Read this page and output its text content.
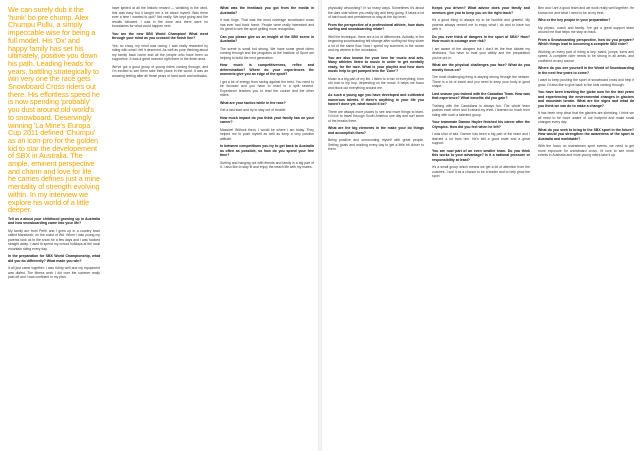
We can surely dub it the 'hunk' bo pre chump. Alex Chumpu Pullu, a simply impeccable wise for being a full model. His 'Ox' and happy family has set his ultimately, positive you down his path. Leading heads for years, battling strategically to win very one the race gets Snowboard Cross riders out there. His effortless speed he is now spending 'probably' you dust around old world's to snowboard. Deservingly winning 'La Mine's Europa Cup 2011 defined 'Chumpu' as an icon-pro for the golden kid to star the developement of SBX in Australia. The ample, eminent perspective and charm and love for life he carries defines just a mine mentality of strength evolving within. In my interview we explore his world of a little deeper.

Tell us a about your childhood growing up in Australia and how snowboarding came into your life?

My family are from Perth and I grew up in a country town called Mandurah, on the coast of WA. When I was young my parents took us to the snow for a few days and I was hooked straight away. I used to spend my school holidays at the local mountain riding every day.

In the preparation for SBX World Championship, what did you do differently? What made you win?

It all just came together. I was riding well and my equipment was dialed. The fitness work I did over the summer really paid off and I was confident in my plan.

have ignited at all the historic reward — whistling in the wind, this was easy but it taught me a lot about myself. Was there ever a time I wanted to quit? Not really. We kept going and the results followed. I was in the zone and there were no boundaries for what could happen next.

You are the new SBX World Champion! What went through your mind as you crossed the finish line?

Yes, so crazy, my mind was racing. I was really rewarded by riding with what I felt it deserved. As well as pure thinking about my family back home and all the people who have been so supportive. It was a great moment right there in the finish area.

We've got a good group of young riders coming through, and I'm excited to see them take their place in the world. It was an amazing feeling after all those years of hard work and setbacks.

What was the feedback you got from the media in Australia?

It was huge. That was the most coverage snowboard cross has ever had back home. People were really interested and it's great to see the sport getting more recognition.

Can you please give us an insight of the SBX scene in Australia?

The scene is small but strong. We have some great riders coming through and the programs at the Institute of Sport are helping to build the next generation.

How much is competitiveness, reflex and determination? Where do your experiences the moments give you an edge of the sport?

I get a lot of energy from racing against the best. You need to be focused and you have to react in a split second. Experience teaches you to read the course and the other riders.

What are your tactics while in the race?

Get a fast start and try to stay out of trouble.

How much impact do you think your family has on your career?

Massive! Without them, I would be where I am today. They helped me to push myself as well as keep a very positive attitude.

In between competitions you try to get back to Australia as often as possible, so how do you spend your free time?

Surfing and hanging out with friends and family is a big part of it. I also like to stay fit and enjoy the beach life with my mates.

physically whooshing? In so many ways. Sometimes it's about the dark side where you really dig and keep going. It takes a lot of hard work and persistence to stay at the top level.

From the perspective of a professional athlete, how does surfing and snowboarding relate?

Well the technique, there are a lot of differences. Actually, in the beginning snowboarding felt strange after surfing but they share a lot of the same flow. Now I spend my summers in the ocean and my winters in the mountains.

You are also known for your love for music and arts. Many athletes listen to music in order to get mentally ready, for the race. What is your playlist and how does music help to get pumped into the 'Zone'?

Music is a big part of my life. I listen to a mix of everything, from old rock to hip hop, depending on the mood. It helps me focus and block out everything around me.

As such a young age you have developed and cultivated numerous talents. If there's anything in your life you haven't done yet, what would it be?

There are always more places to see and more things to learn. I'd love to travel through South America one day and surf some of the breaks there.

What are the big elements in the make your do things and accomplish them?

Being positive and surrounding myself with great people. Setting goals and working every day to get a little bit closer to them.

Keeps you driven? What advice does your family and mentors give you to keep you on the right track?

It's a good thing to always try to be humble and grateful. My parents always remind me to enjoy what I do and to have fun with it.

Do you ever think of dangers in the sport of SBX? How? How much is courage over risk?

I am aware of the dangers but I don't let the fear dictate my decisions. You have to trust your ability and the preparation you've put in.

What are the physical challenges you face? What do you mostly focus on?

The most challenging thing is staying strong through the season. There is a lot of travel and you need to keep your body in good shape.

Last season you trained with the Canadian Team. How was that experience? What benefits did you gain?

Training with the Canadians is always fun. The whole team pushes each other and it raised my level. I learned so much from riding with such a talented group.

Your teammate Damon Hayler finished his career after the Olympics. How did you feel when he left?

I was kind of sad. Damon has been a big part of the team and I learned a lot from him. He's still a good mate and a great support.

You are now part of an even smaller team. Do you think this works to your advantage? Is it a national pressure or responsibility at least?

It's a small group which means we get a lot of attention from the coaches. I see it as a chance to be a leader and to help grow the sport.

Ben and I are a good team and we work really well together. He knows me and what I need to be at my best.

Who or the key people in your preparation?

My physio, coach and family. I've got a great support team around me that helps me stay on track.

From a Snowboarding perspective, how do you prepare? Which things lead to becoming a complete SBX rider?

Working on every part of riding is key: starts, jumps, turns and speed. A complete rider needs to be strong in all areas, and confident on any course.

Where do you see yourself in the World of Snowboarding in the next few years to come?

I want to keep pushing the sport of snowboard cross and help it grow. I'd also like to give back to the kids coming through.

You have been traveling the globe now for the last years and experiencing the environmental changes in glaciers and mountain terrain. What are the signs and what do you think we can do to make a change?

It has been very clear that the glaciers are shrinking. I think we all need to be more aware of our footprint and make small changes every day.

What do you seek to bring to the SBX sport in the future? How would you strengthen the awareness of the sport in Australia and worldwide?

With the focus on mainstream sport events, we need to get more exposure for snowboard cross. I'd love to see more events in Australia and more young riders take it up.
